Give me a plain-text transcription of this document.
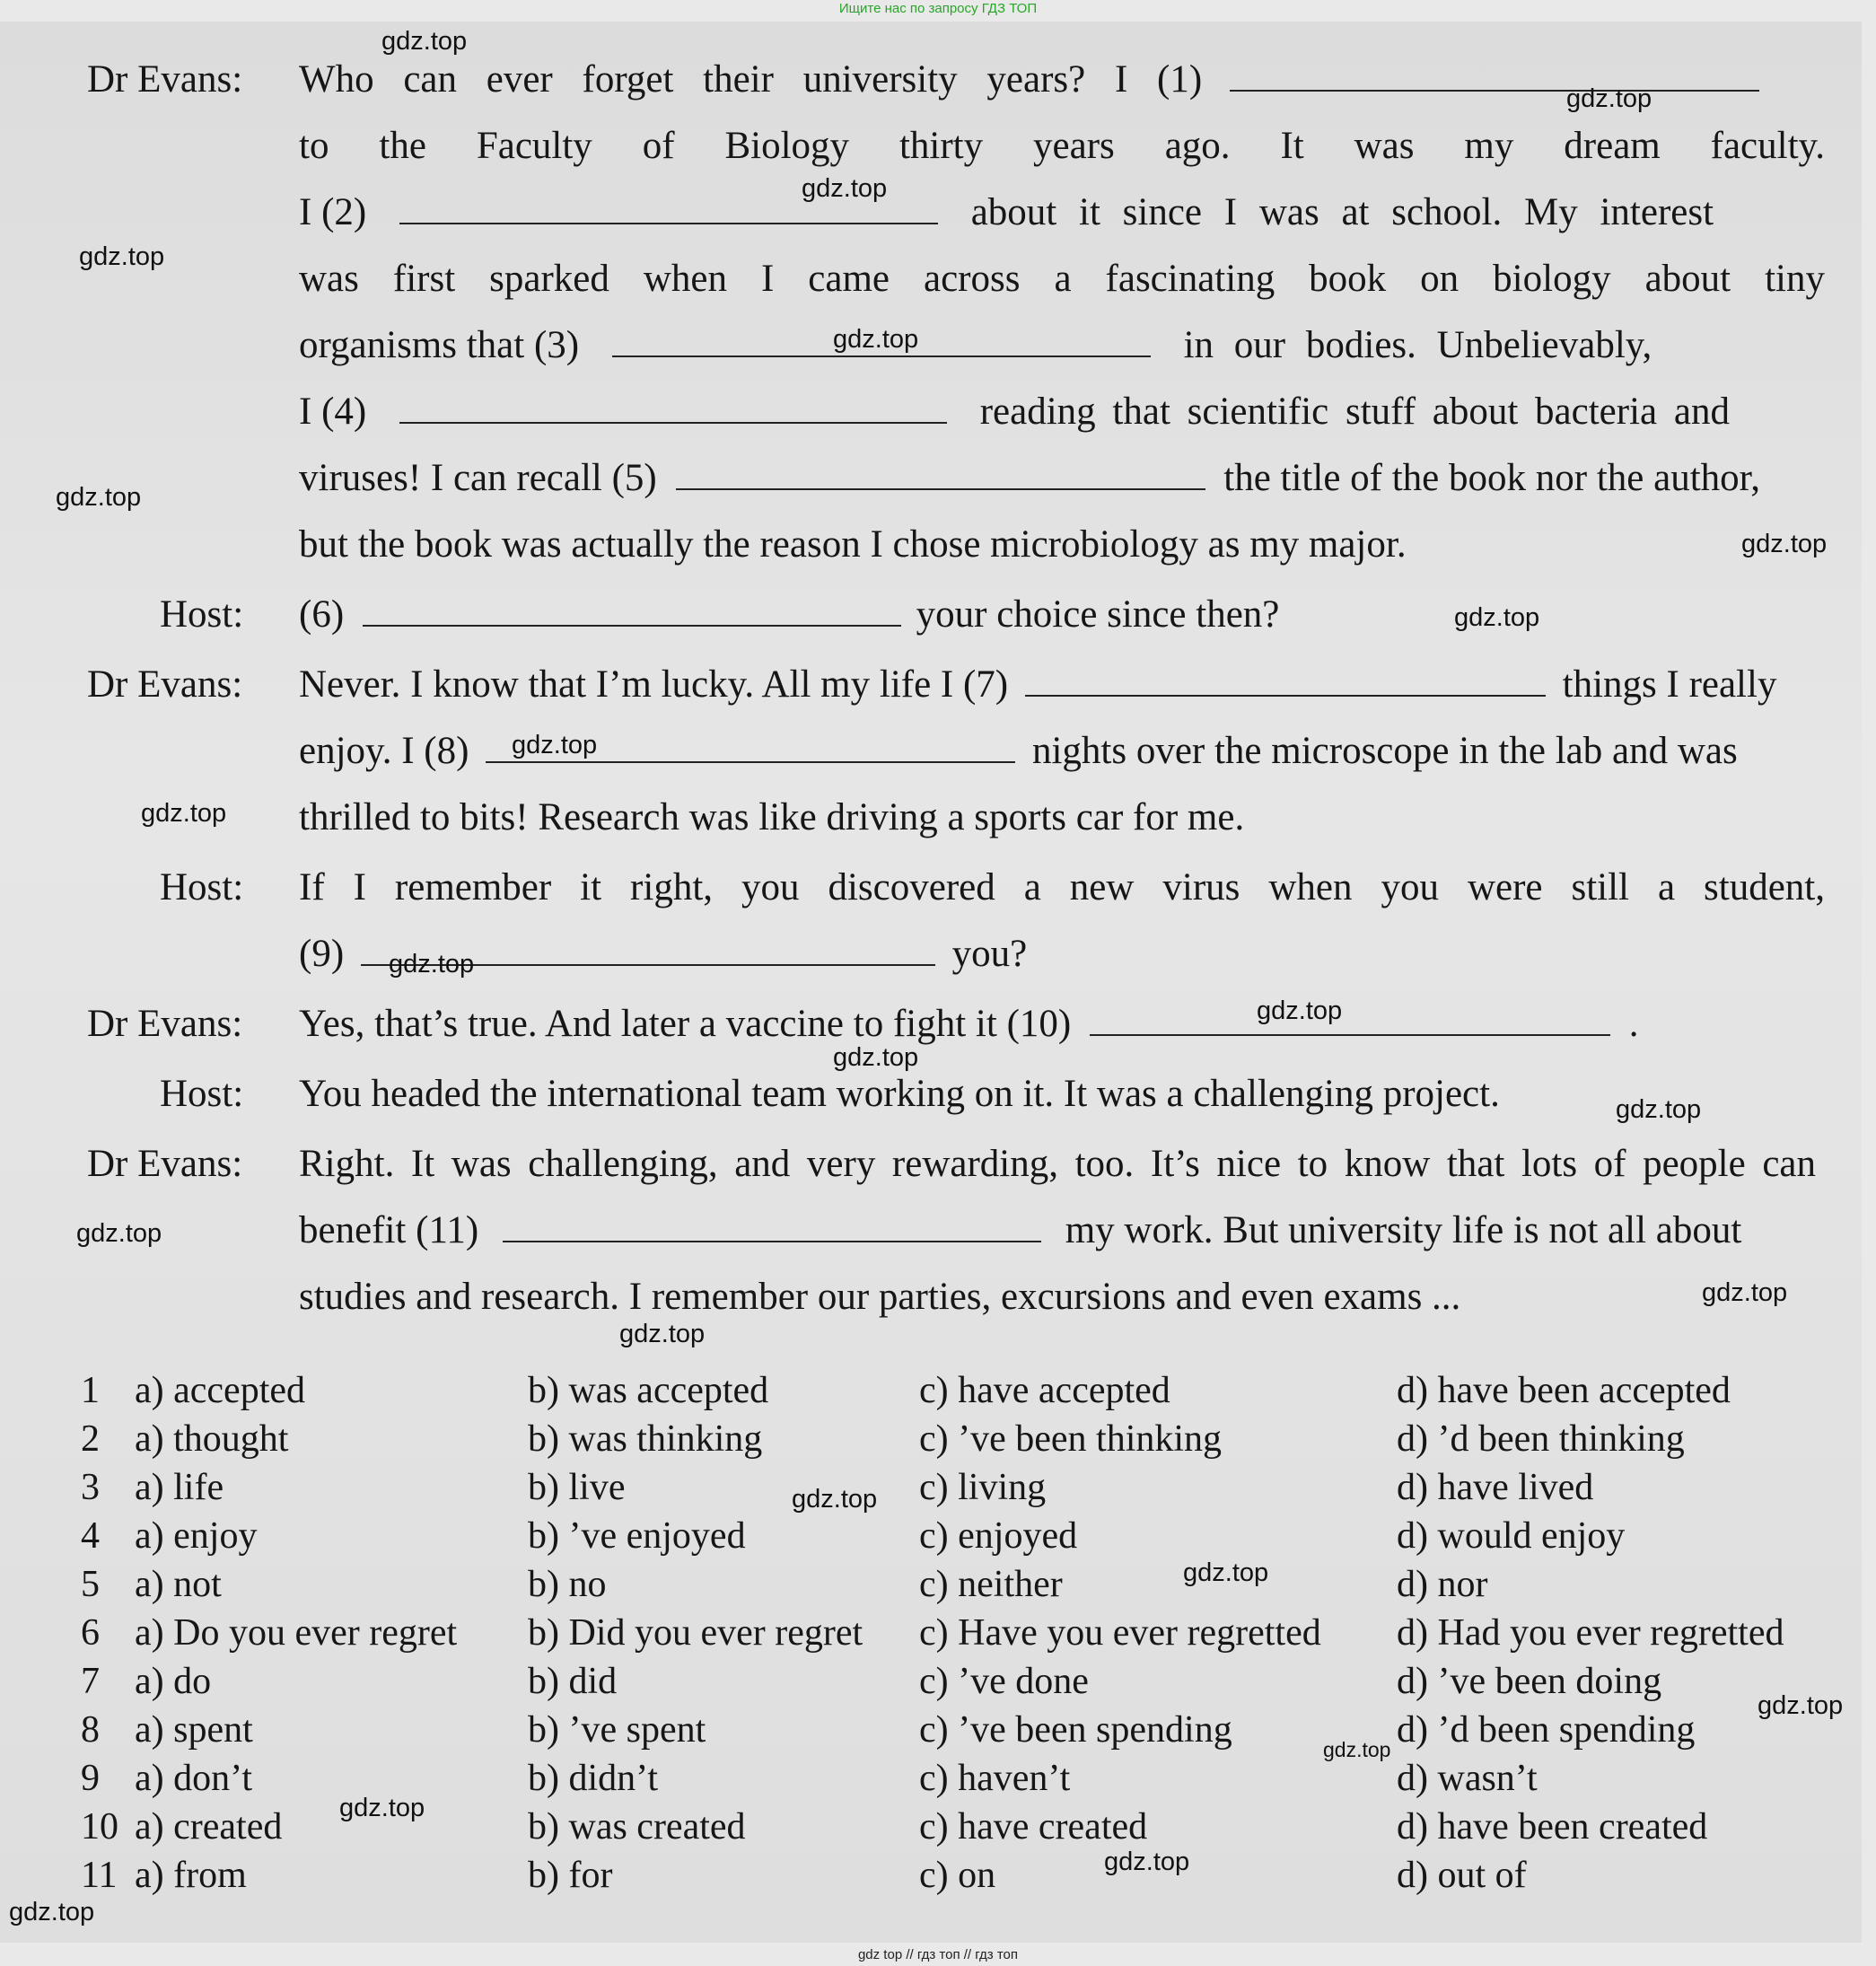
Ищите нас по запросу ГДЗ ТОП
Dr Evans: Who can ever forget their university years? I (1)
to the Faculty of Biology thirty years ago. It was my dream faculty.
I (2)	about it since I was at school. My interest
was first sparked when I came across a fascinating book on biology about tiny
organisms that (3)	in our bodies. Unbelievably,
I (4)	reading that scientific stuff about bacteria and
viruses! I can recall (5)	the title of the book nor the author,
but the book was actually the reason I chose microbiology as my major.
Host: (6)	your choice since then?
Dr Evans: Never. I know that I’m lucky. All my life I (7)	things I really
enjoy. I (8)	nights over the microscope in the lab and was
thrilled to bits! Research was like driving a sports car for me.
Host: If I remember it right, you discovered a new virus when you were still a student,
(9)	you?
Dr Evans: Yes, that’s true. And later a vaccine to fight it (10)	.
Host: You headed the international team working on it. It was a challenging project.
Dr Evans: Right. It was challenging, and very rewarding, too. It’s nice to know that lots of people can
benefit (11)	my work. But university life is not all about
studies and research. I remember our parties, excursions and even exams ...
1 a) accepted	b) was accepted	c) have accepted	d) have been accepted
2 a) thought	b) was thinking	c) ’ve been thinking	d) ’d been thinking
3 a) life	b) live	c) living	d) have lived
4 a) enjoy	b) ’ve enjoyed	c) enjoyed	d) would enjoy
5 a) not	b) no	c) neither	d) nor
6 a) Do you ever regret b) Did you ever regret c) Have you ever regretted d) Had you ever regretted
7 a) do	b) did	c) ’ve done	d) ’ve been doing
8 a) spent	b) ’ve spent	c) ’ve been spending	d) ’d been spending
9 a) don’t	b) didn’t	c) haven’t	d) wasn’t
10 a) created	b) was created	c) have created	d) have been created
11 a) from	b) for	c) on	d) out of
gdz.top
gdz.top
gdz.top
gdz.top
gdz.top
gdz.top
gdz.top
gdz.top
gdz.top
gdz.top
gdz.top
gdz.top
gdz.top
gdz.top
gdz.top
gdz.top
gdz.top
gdz.top
gdz.top
gdz.top
gdz.top
gdz.top
gdz.top
gdz.top
gdz top // гдз топ // гдз топ
